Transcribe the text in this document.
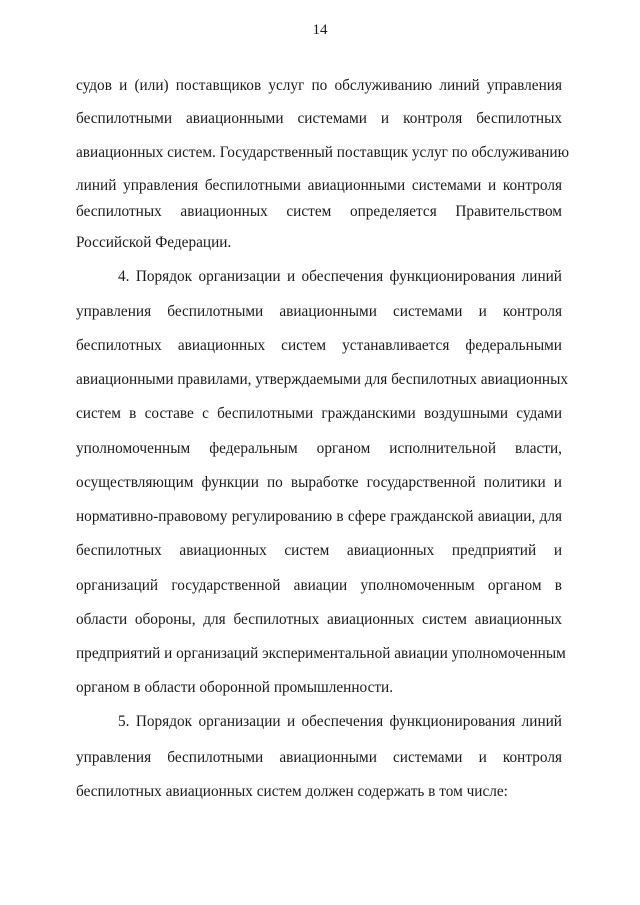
14
судов и (или) поставщиков услуг по обслуживанию линий управления
беспилотными авиационными системами и контроля беспилотных
авиационных систем. Государственный поставщик услуг по обслуживанию
линий управления беспилотными авиационными системами и контроля
беспилотных авиационных систем определяется Правительством
Российской Федерации.
4. Порядок организации и обеспечения функционирования линий
управления беспилотными авиационными системами и контроля
беспилотных авиационных систем устанавливается федеральными
авиационными правилами, утверждаемыми для беспилотных авиационных
систем в составе с беспилотными гражданскими воздушными судами
уполномоченным федеральным органом исполнительной власти,
осуществляющим функции по выработке государственной политики и
нормативно-правовому регулированию в сфере гражданской авиации, для
беспилотных авиационных систем авиационных предприятий и
организаций государственной авиации уполномоченным органом в
области обороны, для беспилотных авиационных систем авиационных
предприятий и организаций экспериментальной авиации уполномоченным
органом в области оборонной промышленности.
5. Порядок организации и обеспечения функционирования линий
управления беспилотными авиационными системами и контроля
беспилотных авиационных систем должен содержать в том числе:
